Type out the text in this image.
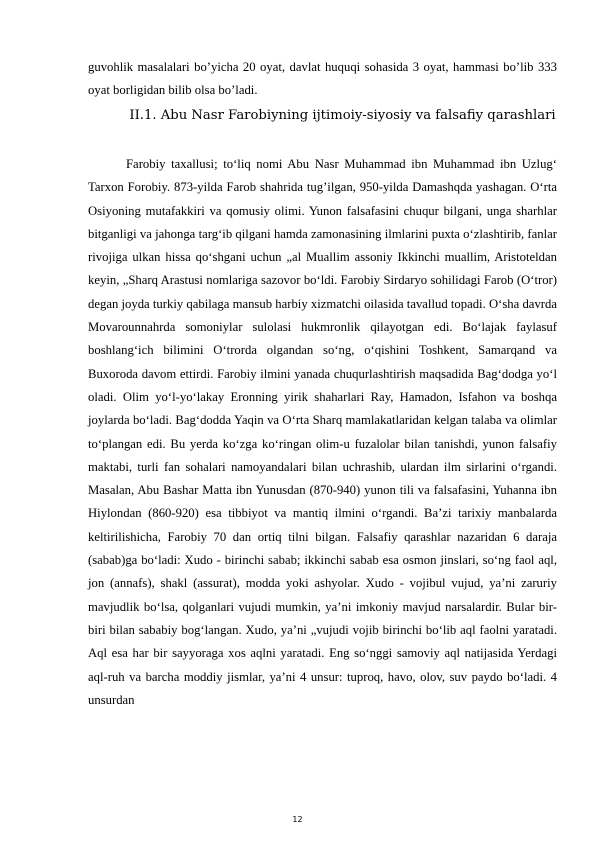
guvohlik masalalari bo’yicha 20 oyat, davlat huquqi sohasida 3 oyat, hammasi bo’lib 333 oyat borligidan bilib olsa bo’ladi.
II.1. Abu Nasr Farobiyning ijtimoiy-siyosiy va falsafiy qarashlari

Farobiy taxallusi; to‘liq nomi Abu Nasr Muhammad ibn Muhammad ibn Uzlug‘ Tarxon Forobiy. 873-yilda Farob shahrida tug’ilgan, 950-yilda Damashqda yashagan. O‘rta Osiyoning mutafakkiri va qomusiy olimi. Yunon falsafasini chuqur bilgani, unga sharhlar bitganligi va jahonga targ‘ib qilgani hamda zamonasining ilmlarini puxta o‘zlashtirib, fanlar rivojiga ulkan hissa qo‘shgani uchun „al Muallim assoniy Ikkinchi muallim, Aristoteldan keyin, „Sharq Arastusi nomlariga sazovor bo‘ldi. Farobiy Sirdaryo sohilidagi Farob (O‘tror) degan joyda turkiy qabilaga mansub harbiy xizmatchi oilasida tavallud topadi. O‘sha davrda Movarounnahrda somoniylar sulolasi hukmronlik qilayotgan edi. Bo‘lajak faylasuf boshlang‘ich bilimini O‘trorda olgandan so‘ng, o‘qishini Toshkent, Samarqand va Buxoroda davom ettirdi. Farobiy ilmini yanada chuqurlashtirish maqsadida Bag‘dodga yo‘l oladi. Olim yo‘l-yo‘lakay Eronning yirik shaharlari Ray, Hamadon, Isfahon va boshqa joylarda bo‘ladi. Bag‘dodda Yaqin va O‘rta Sharq mamlakatlaridan kelgan talaba va olimlar to‘plangan edi. Bu yerda ko‘zga ko‘ringan olim-u fuzalolar bilan tanishdi, yunon falsafiy maktabi, turli fan sohalari namoyandalari bilan uchrashib, ulardan ilm sirlarini o‘rgandi. Masalan, Abu Bashar Matta ibn Yunusdan (870-940) yunon tili va falsafasini, Yuhanna ibn Hiylondan (860-920) esa tibbiyot va mantiq ilmini o‘rgandi. Ba’zi tarixiy manbalarda keltirilishicha, Farobiy 70 dan ortiq tilni bilgan. Falsafiy qarashlar nazaridan 6 daraja (sabab)ga bo‘ladi: Xudo - birinchi sabab; ikkinchi sabab esa osmon jinslari, so‘ng faol aql, jon (annafs), shakl (assurat), modda yoki ashyolar. Xudo - vojibul vujud, ya’ni zaruriy mavjudlik bo‘lsa, qolganlari vujudi mumkin, ya’ni imkoniy mavjud narsalardir. Bular bir-biri bilan sababiy bog‘langan. Xudo, ya’ni „vujudi vojib birinchi bo‘lib aql faolni yaratadi. Aql esa har bir sayyoraga xos aqlni yaratadi. Eng so‘nggi samoviy aql natijasida Yerdagi aql-ruh va barcha moddiy jismlar, ya’ni 4 unsur: tuproq, havo, olov, suv paydo bo‘ladi. 4 unsurdan

12
